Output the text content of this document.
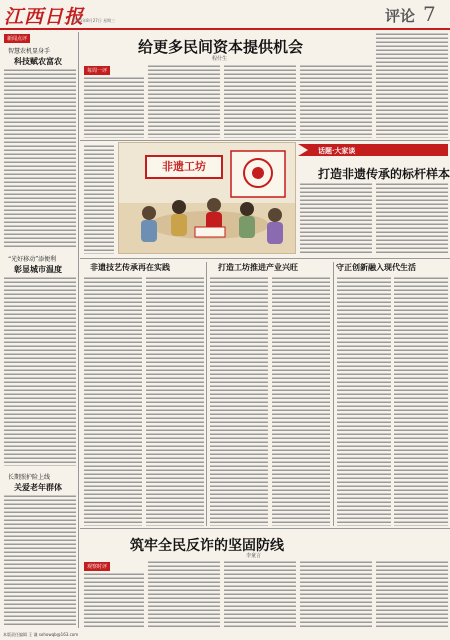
江西日报
2025年8月27日 星期三	评论 7
新闻点评
智慧农机显身手
科技赋农富农
“光好移动”添便利
彰显城市温度
长期照护险上线
关爱老年群体
给更多民间资本提供机会
程什生
每周一评
非遗工坊
话题·大家谈
打造非遗传承的标杆样本
非遗技艺传承再在实践	打造工坊推进产业兴旺	守正创新融入现代生活
筑牢全民反诈的坚固防线
李童言
观察时评
本版责任编辑 王 谦 sohowqb@163.com
